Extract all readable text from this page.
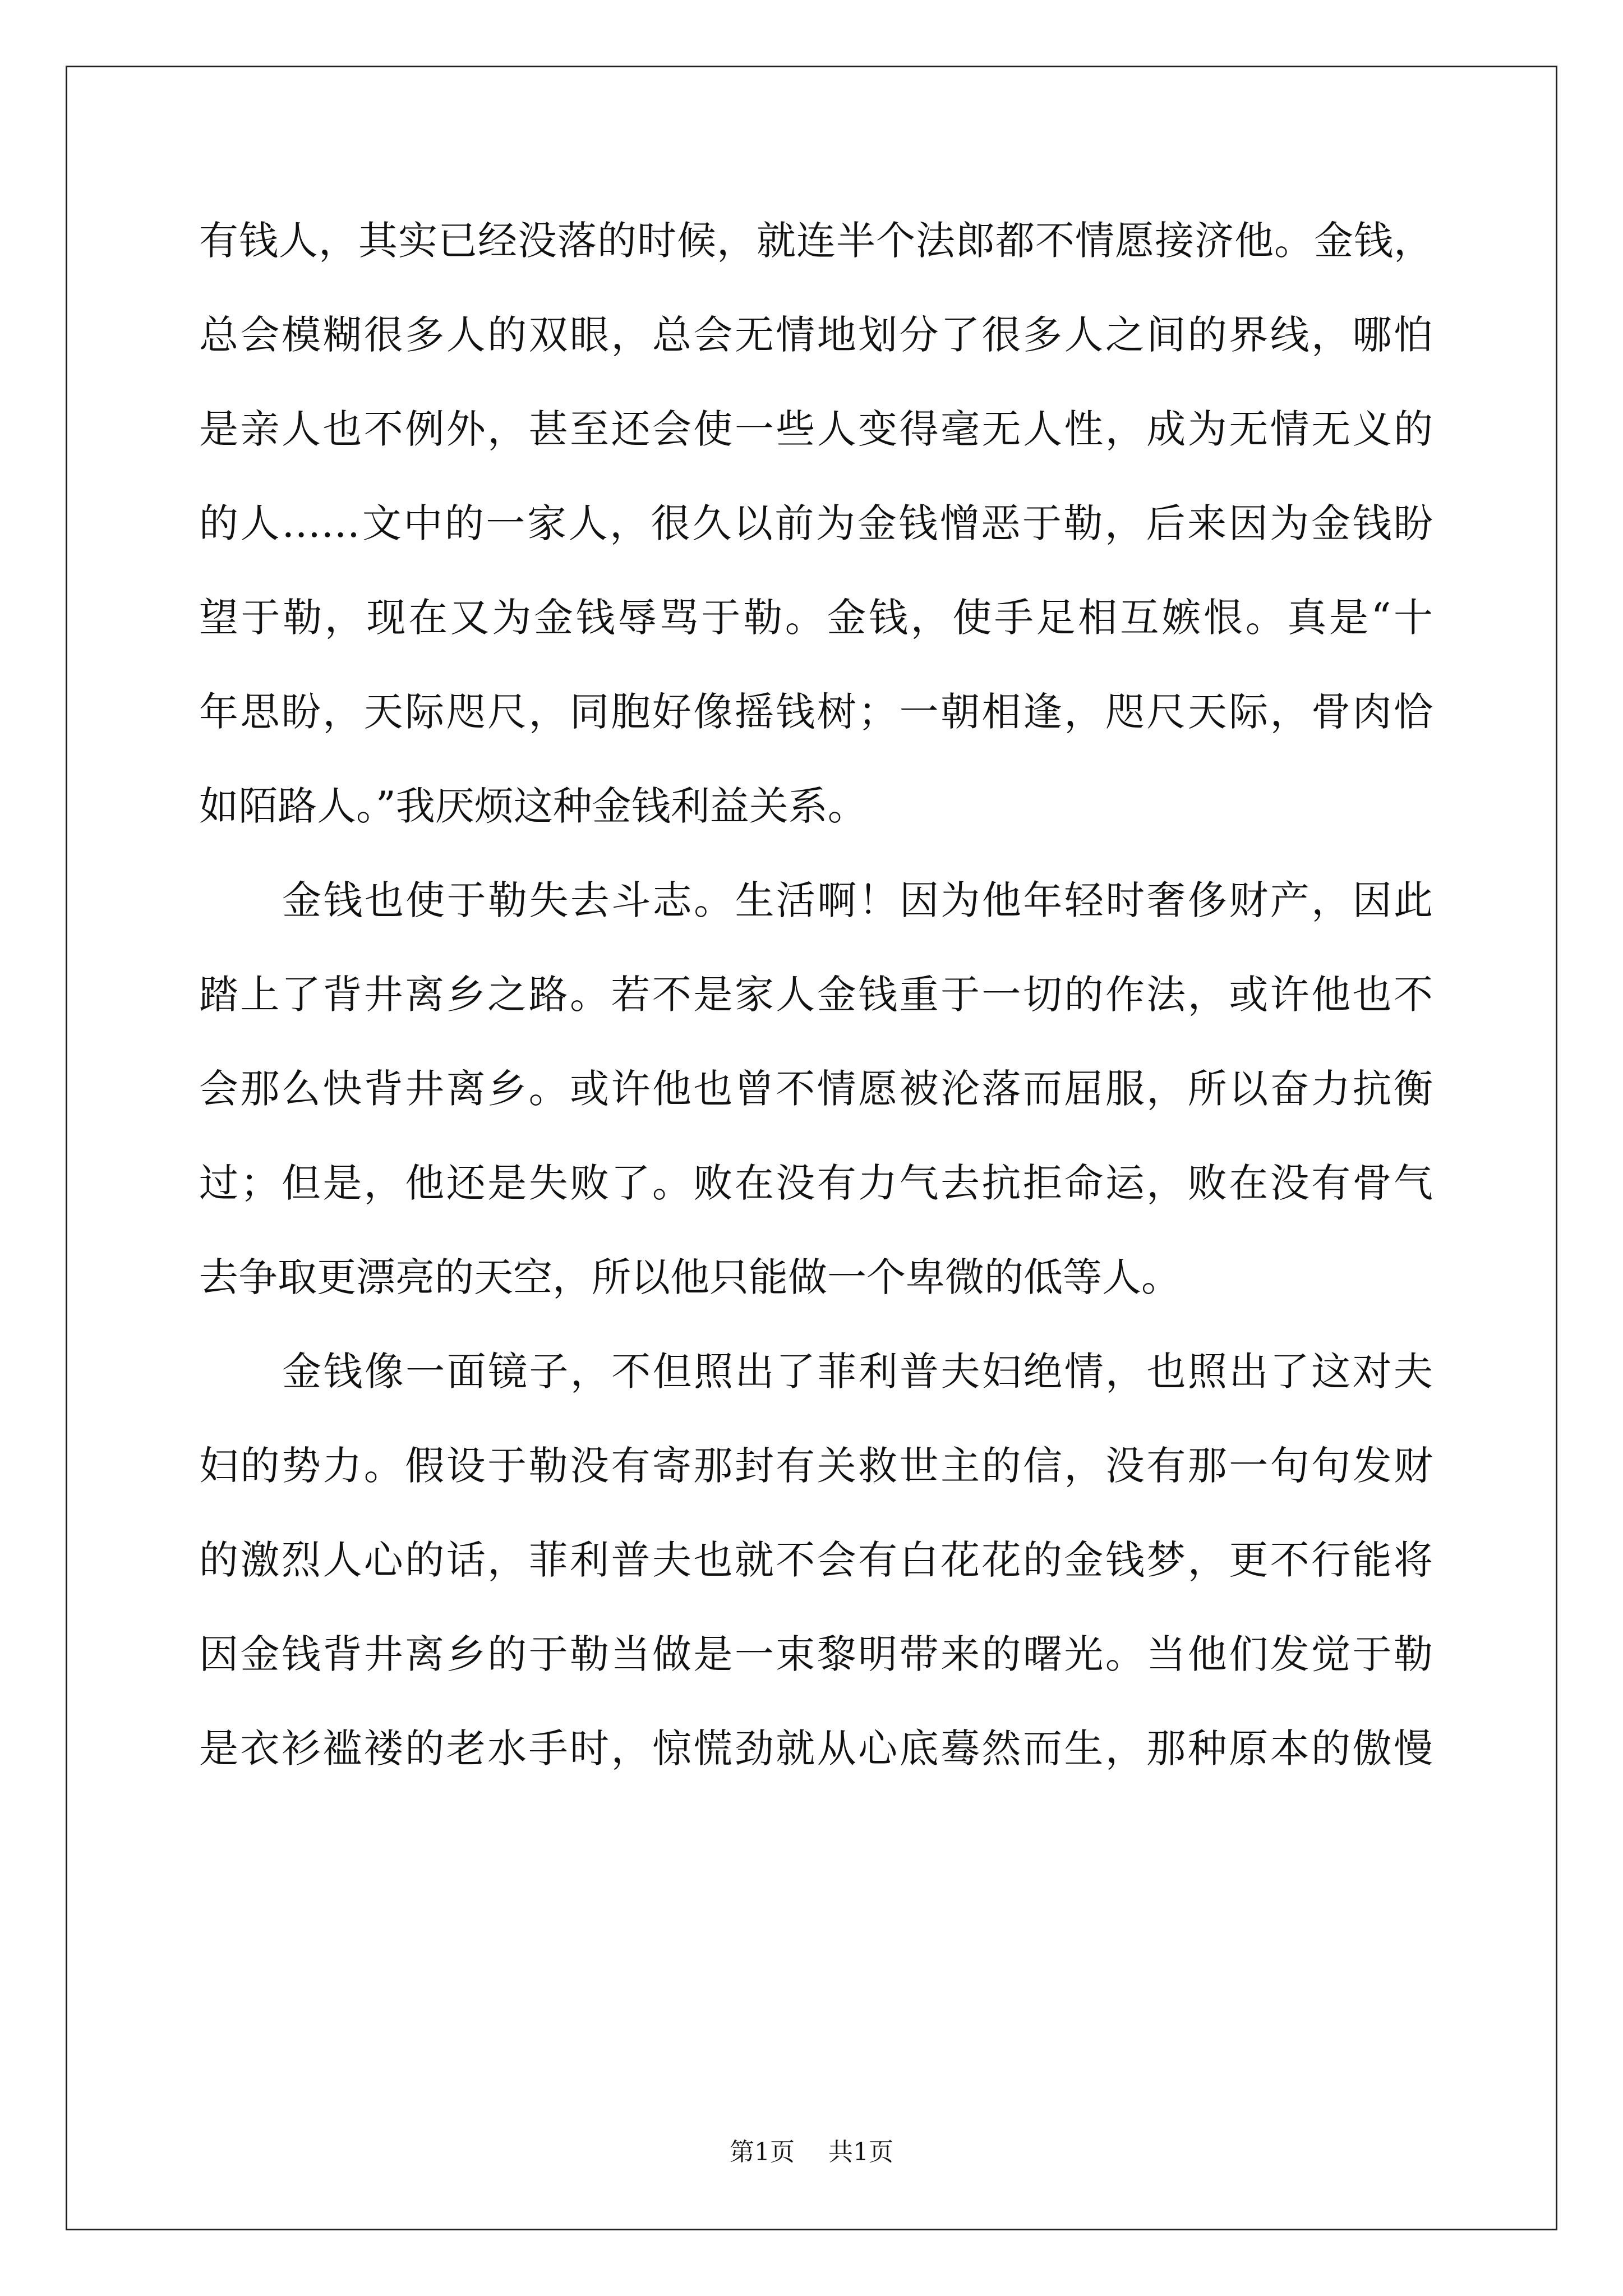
有钱人，其实已经没落的时候，就连半个法郎都不情愿接济他。金钱，
总会模糊很多人的双眼，总会无情地划分了很多人之间的界线，哪怕
是亲人也不例外，甚至还会使一些人变得毫无人性，成为无情无义的
的人……文中的一家人，很久以前为金钱憎恶于勒，后来因为金钱盼
望于勒，现在又为金钱辱骂于勒。金钱，使手足相互嫉恨。真是“十
年思盼，天际咫尺，同胞好像摇钱树；一朝相逢，咫尺天际，骨肉恰
如陌路人。”我厌烦这种金钱利益关系。
金钱也使于勒失去斗志。生活啊！因为他年轻时奢侈财产，因此
踏上了背井离乡之路。若不是家人金钱重于一切的作法，或许他也不
会那么快背井离乡。或许他也曾不情愿被沦落而屈服，所以奋力抗衡
过；但是，他还是失败了。败在没有力气去抗拒命运，败在没有骨气
去争取更漂亮的天空，所以他只能做一个卑微的低等人。
金钱像一面镜子，不但照出了菲利普夫妇绝情，也照出了这对夫
妇的势力。假设于勒没有寄那封有关救世主的信，没有那一句句发财
的激烈人心的话，菲利普夫也就不会有白花花的金钱梦，更不行能将
因金钱背井离乡的于勒当做是一束黎明带来的曙光。当他们发觉于勒
是衣衫褴褛的老水手时，惊慌劲就从心底蓦然而生，那种原本的傲慢
第1页 共1页
